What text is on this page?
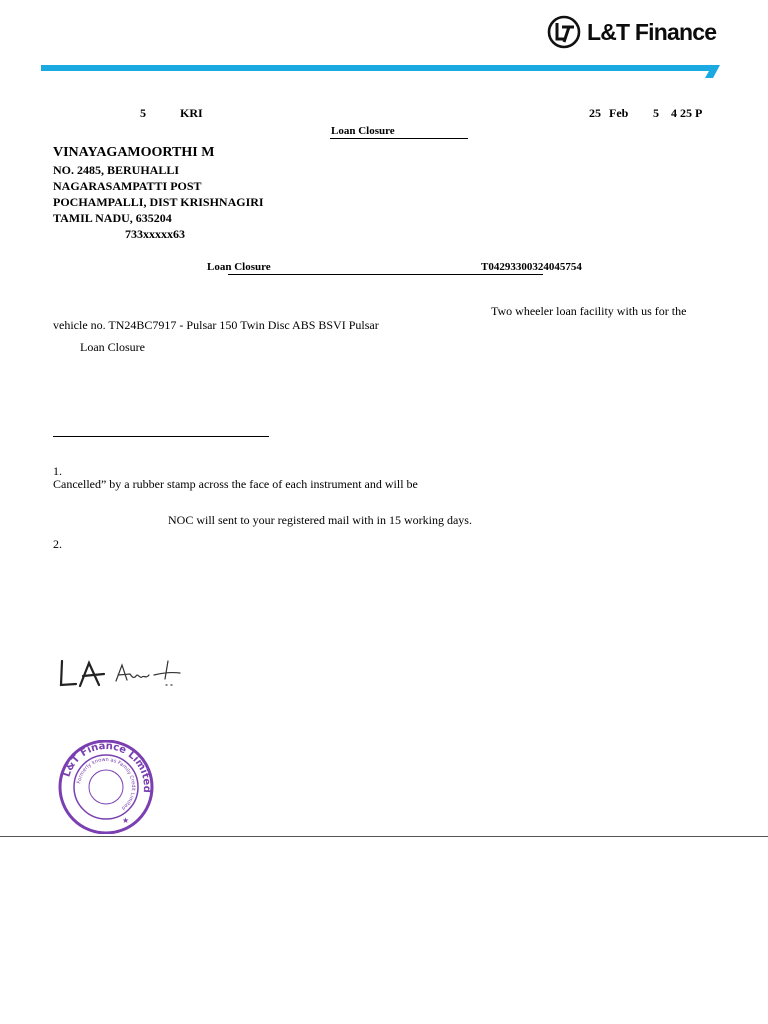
L&T Finance
5	KRI	25 Feb 5 4 25 P
Loan Closure
VINAYAGAMOORTHI M
NO. 2485, BERUHALLI
NAGARASAMPATTI POST
POCHAMPALLI, DIST KRISHNAGIRI
TAMIL NADU, 635204
733xxxxx63
Loan Closure	T04293300324045754
Two wheeler loan facility with us for the
vehicle no. TN24BC7917 - Pulsar 150 Twin Disc ABS BSVI Pulsar
Loan Closure
1.
Cancelled” by a rubber stamp across the face of each instrument and will be
NOC will sent to your registered mail with in 15 working days.
2.
L&T Finance Limited
Formerly known as Family Credit Limited
★
